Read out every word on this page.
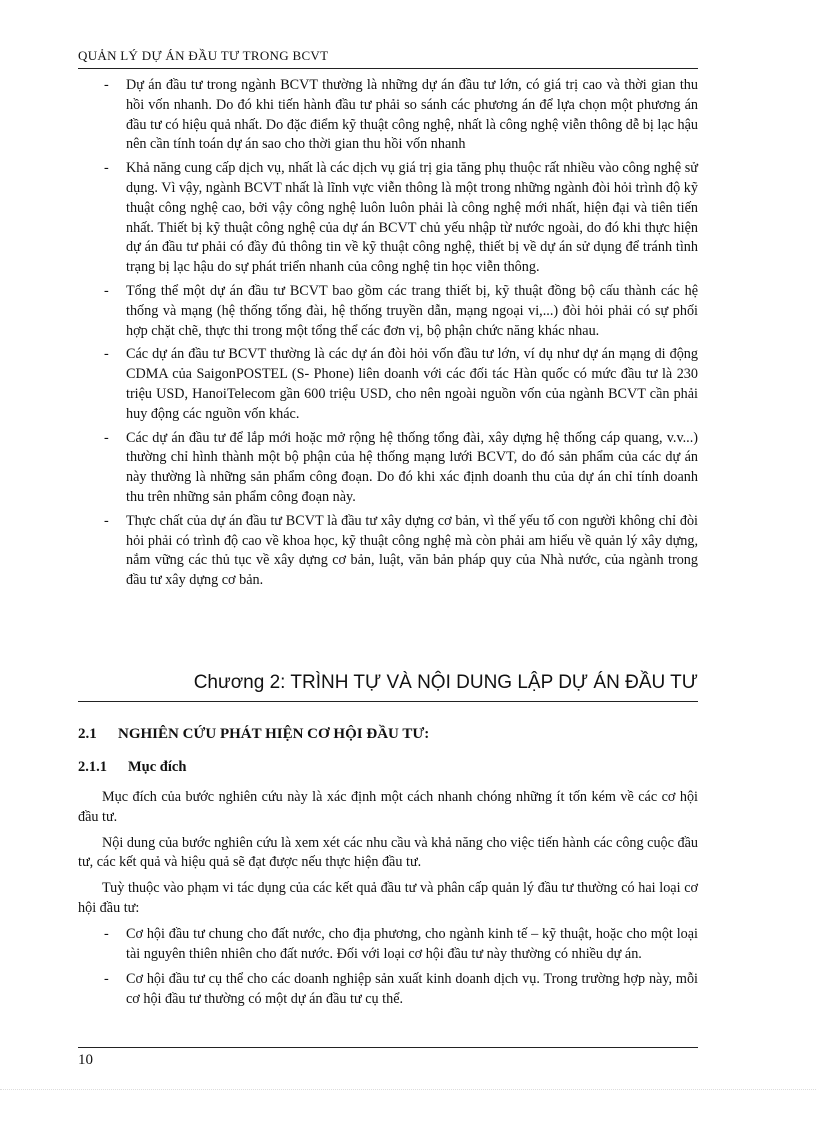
QUẢN LÝ DỰ ÁN ĐẦU TƯ TRONG BCVT
- Dự án đầu tư trong ngành BCVT thường là những dự án đầu tư lớn, có giá trị cao và thời gian thu hồi vốn nhanh. Do đó khi tiến hành đầu tư phải so sánh các phương án để lựa chọn một phương án đầu tư có hiệu quả nhất. Do đặc điểm kỹ thuật công nghệ, nhất là công nghệ viễn thông dễ bị lạc hậu nên cần tính toán dự án sao cho thời gian thu hồi vốn nhanh
- Khả năng cung cấp dịch vụ, nhất là các dịch vụ giá trị gia tăng phụ thuộc rất nhiều vào công nghệ sử dụng. Vì vậy, ngành BCVT nhất là lĩnh vực viễn thông là một trong những ngành đòi hỏi trình độ kỹ thuật công nghệ cao, bởi vậy công nghệ luôn luôn phải là công nghệ mới nhất, hiện đại và tiên tiến nhất. Thiết bị kỹ thuật công nghệ của dự án BCVT chủ yếu nhập từ nước ngoài, do đó khi thực hiện dự án đầu tư phải có đầy đủ thông tin về kỹ thuật công nghệ, thiết bị về dự án sử dụng để tránh tình trạng bị lạc hậu do sự phát triển nhanh của công nghệ tin học viễn thông.
- Tổng thể một dự án đầu tư BCVT bao gồm các trang thiết bị, kỹ thuật đồng bộ cấu thành các hệ thống và mạng (hệ thống tổng đài, hệ thống truyền dẫn, mạng ngoại vi,...) đòi hỏi phải có sự phối hợp chặt chẽ, thực thi trong một tổng thể các đơn vị, bộ phận chức năng khác nhau.
- Các dự án đầu tư BCVT thường là các dự án đòi hỏi vốn đầu tư lớn, ví dụ như dự án mạng di động CDMA của SaigonPOSTEL (S- Phone) liên doanh với các đối tác Hàn quốc có mức đầu tư là 230 triệu USD, HanoiTelecom gần 600 triệu USD, cho nên ngoài nguồn vốn của ngành BCVT cần phải huy động các nguồn vốn khác.
- Các dự án đầu tư để lắp mới hoặc mở rộng hệ thống tổng đài, xây dựng hệ thống cáp quang, v.v...) thường chỉ hình thành một bộ phận của hệ thống mạng lưới BCVT, do đó sản phẩm của các dự án này thường là những sản phẩm công đoạn. Do đó khi xác định doanh thu của dự án chỉ tính doanh thu trên những sản phẩm công đoạn này.
- Thực chất của dự án đầu tư BCVT là đầu tư xây dựng cơ bản, vì thế yếu tố con người không chỉ đòi hỏi phải có trình độ cao về khoa học, kỹ thuật công nghệ mà còn phải am hiểu về quản lý xây dựng, nắm vững các thủ tục về xây dựng cơ bản, luật, văn bản pháp quy của Nhà nước, của ngành trong đầu tư xây dựng cơ bản.
Chương 2: TRÌNH TỰ VÀ NỘI DUNG LẬP DỰ ÁN ĐẦU TƯ
2.1 NGHIÊN CỨU PHÁT HIỆN CƠ HỘI ĐẦU TƯ:
2.1.1 Mục đích

Mục đích của bước nghiên cứu này là xác định một cách nhanh chóng những ít tốn kém về các cơ hội đầu tư.

Nội dung của bước nghiên cứu là xem xét các nhu cầu và khả năng cho việc tiến hành các công cuộc đầu tư, các kết quả và hiệu quả sẽ đạt được nếu thực hiện đầu tư.

Tuỳ thuộc vào phạm vi tác dụng của các kết quả đầu tư và phân cấp quản lý đầu tư thường có hai loại cơ hội đầu tư:

- Cơ hội đầu tư chung cho đất nước, cho địa phương, cho ngành kinh tế – kỹ thuật, hoặc cho một loại tài nguyên thiên nhiên cho đất nước. Đối với loại cơ hội đầu tư này thường có nhiều dự án.
- Cơ hội đầu tư cụ thể cho các doanh nghiệp sản xuất kinh doanh dịch vụ. Trong trường hợp này, mỗi cơ hội đầu tư thường có một dự án đầu tư cụ thể.
10
